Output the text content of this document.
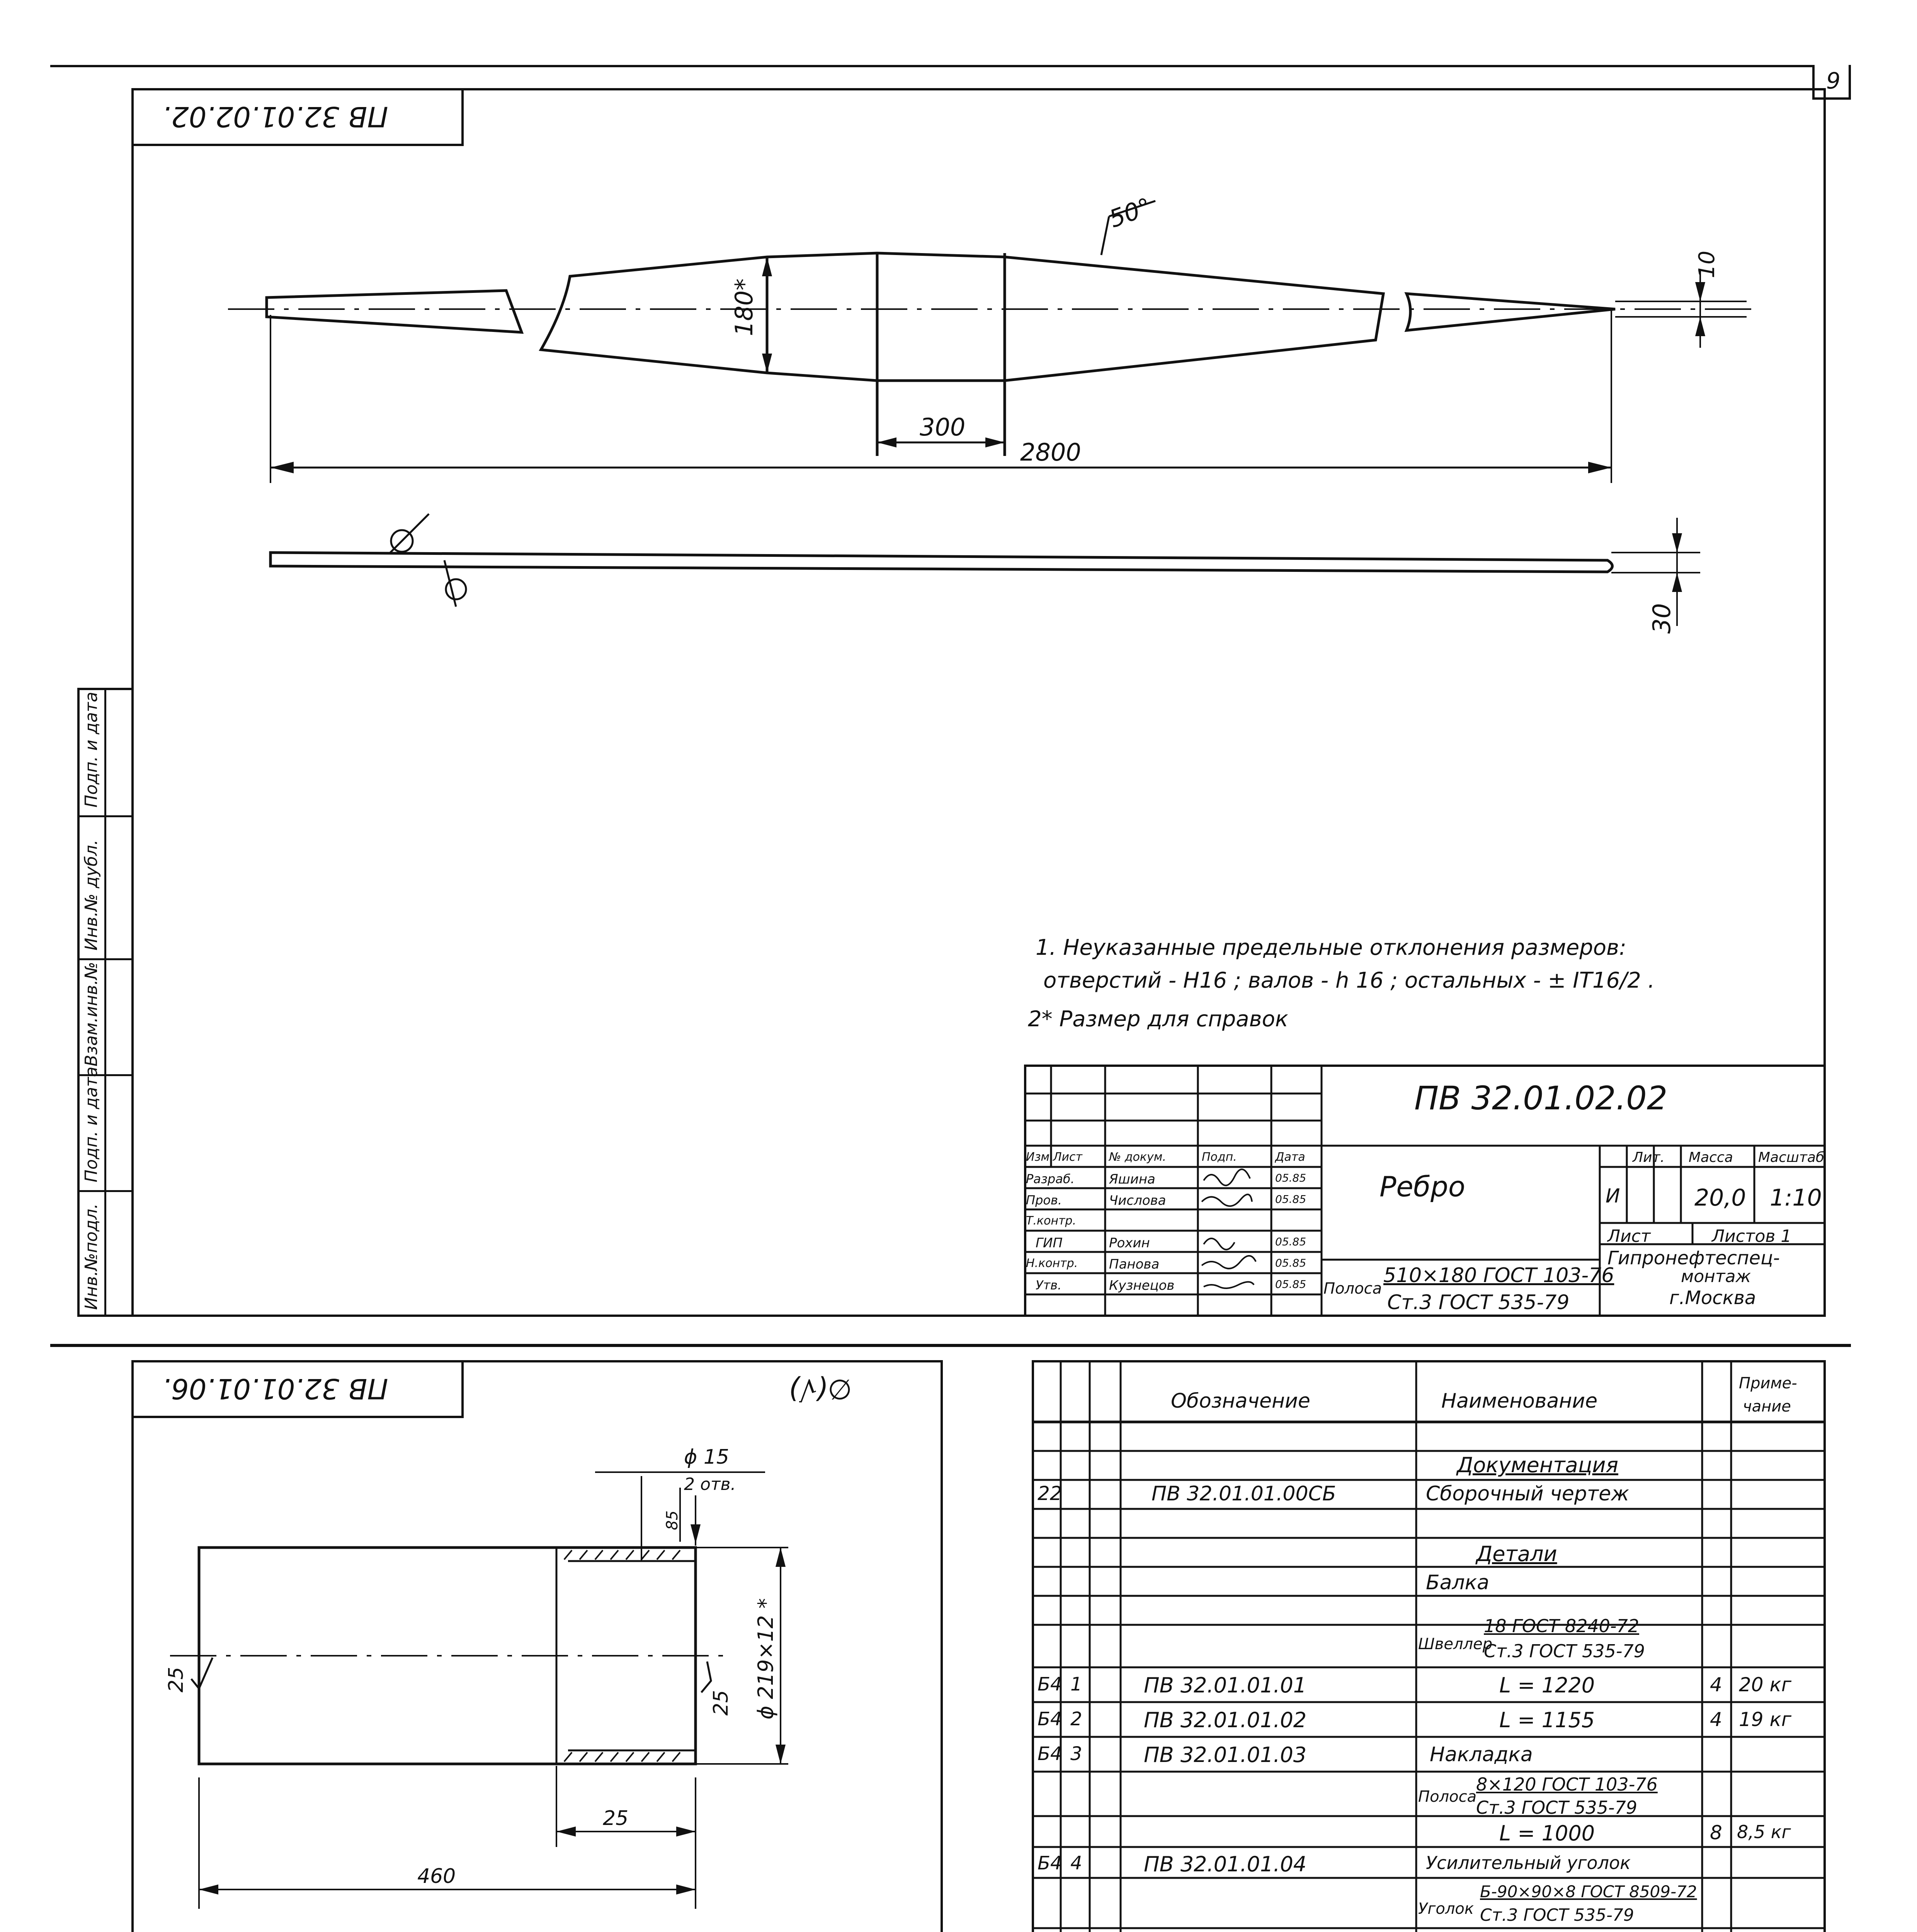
9
ПВ 32.01.02.02.
Инв.№подл.
Подп. и дата
Взам.инв.№
Инв.№ дубл.
Подп. и дата
50°
180*
300
2800
10
30
1. Неуказанные предельные отклонения размеров:
отверстий - H16 ; валов - h 16 ; остальных - ± IT16/2 .
2* Размер для справок
ПВ 32.01.02.02
Ребро
Полоса
510×180 ГОСТ 103-76
Ст.3 ГОСТ 535-79
Лит. Масса Масштаб
И	20,0 1:10
Лист	Листов 1
Гипронефтеспец-
монтаж
г.Москва
Изм. Лист № докум.	Подп.	Дата
Разраб.	Яшина	05.85
Пров.	Числова	05.85
Т.контр.
ГИП	Рохин	05.85
Н.контр. Панова	05.85
Утв.	Кузнецов	05.85
ПВ 32.01.01.06.	∅(√)
ϕ 15
2 отв.
85
ϕ 219×12 *
25
25
25
460
Обозначение	Наименование
Приме-
чание
Документация
22	ПВ 32.01.01.00СБ	Сборочный чертеж
Детали
Балка
Швеллер
18 ГОСТ 8240-72
Ст.3 ГОСТ 535-79
Б4 1	ПВ 32.01.01.01	L = 1220	4 20 кг
Б4 2	ПВ 32.01.01.02	L = 1155	4 19 кг
Б4 3	ПВ 32.01.01.03	Накладка
Полоса
8×120 ГОСТ 103-76
Ст.3 ГОСТ 535-79
L = 1000	8 8,5 кг
Б4 4	ПВ 32.01.01.04	Усилительный уголок
Уголок
Б-90×90×8 ГОСТ 8509-72
Ст.3 ГОСТ 535-79
